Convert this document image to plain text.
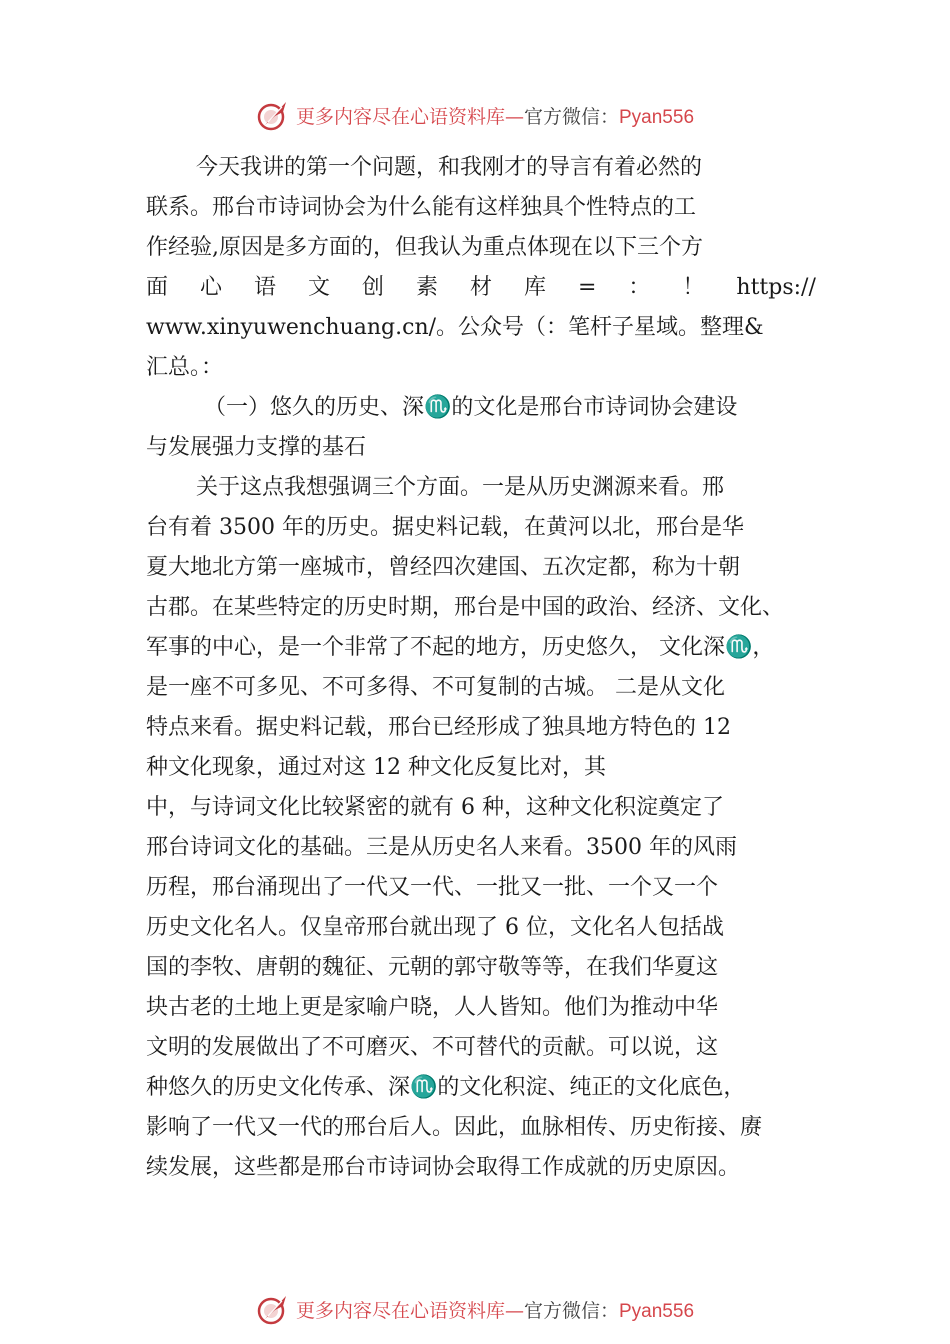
更多内容尽在心语资料库—官方微信：Pyan556
今天我讲的第一个问题，和我刚才的导言有着必然的
联系。邢台市诗词协会为什么能有这样独具个性特点的工
作经验,原因是多方面的，但我认为重点体现在以下三个方
面 心 语 文 创 素 材 库 = ： ！ https://
www.xinyuwenchuang.cn/。公众号（：笔杆子星域。整理&
汇总。：
（一）悠久的历史、深♏的文化是邢台市诗词协会建设
与发展强力支撑的基石
关于这点我想强调三个方面。一是从历史渊源来看。邢
台有着 3500 年的历史。据史料记载，在黄河以北，邢台是华
夏大地北方第一座城市，曾经四次建国、五次定都，称为十朝
古郡。在某些特定的历史时期，邢台是中国的政治、经济、文化、
军事的中心，是一个非常了不起的地方，历史悠久， 文化深♏，
是一座不可多见、不可多得、不可复制的古城。 二是从文化
特点来看。据史料记载，邢台已经形成了独具地方特色的 12
种文化现象，通过对这 12 种文化反复比对，其
中，与诗词文化比较紧密的就有 6 种，这种文化积淀奠定了
邢台诗词文化的基础。三是从历史名人来看。3500 年的风雨
历程，邢台涌现出了一代又一代、一批又一批、一个又一个
历史文化名人。仅皇帝邢台就出现了 6 位，文化名人包括战
国的李牧、唐朝的魏征、元朝的郭守敬等等，在我们华夏这
块古老的土地上更是家喻户晓，人人皆知。他们为推动中华
文明的发展做出了不可磨灭、不可替代的贡献。可以说，这
种悠久的历史文化传承、深♏的文化积淀、纯正的文化底色，
影响了一代又一代的邢台后人。因此，血脉相传、历史衔接、赓
续发展，这些都是邢台市诗词协会取得工作成就的历史原因。
更多内容尽在心语资料库—官方微信：Pyan556
